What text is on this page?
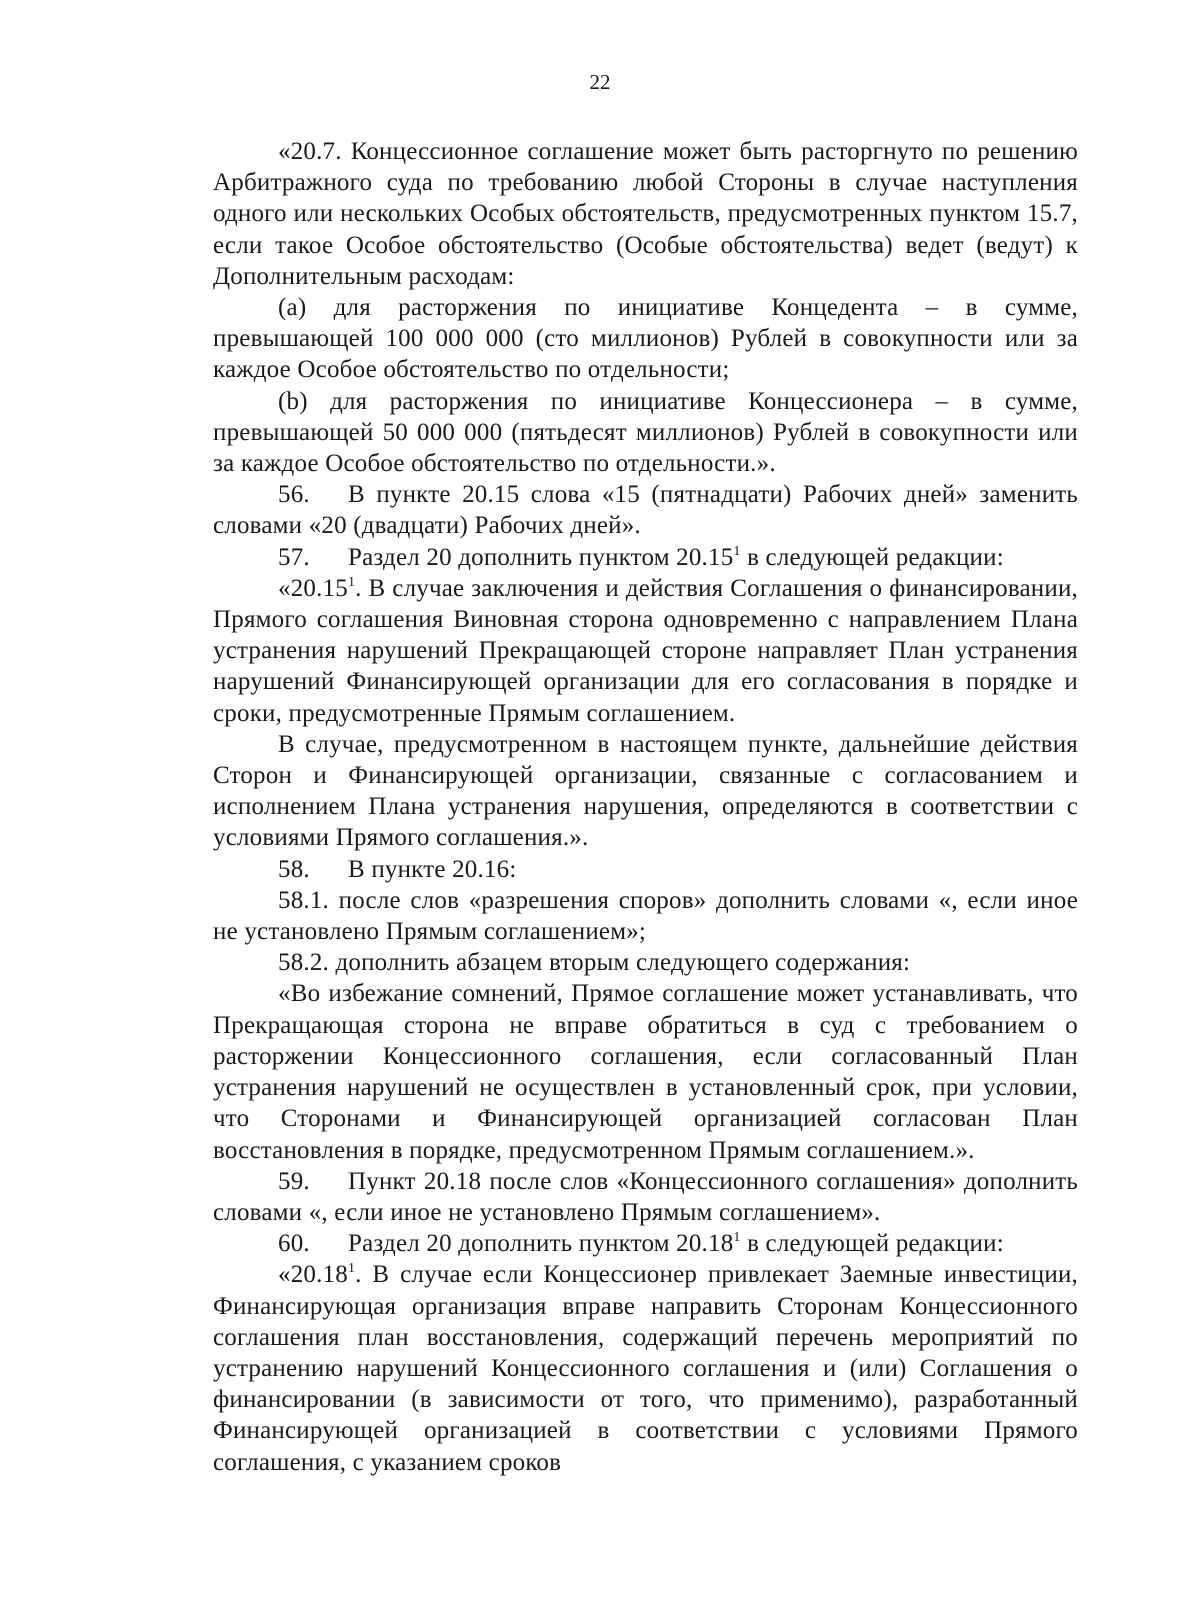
22

«20.7. Концессионное соглашение может быть расторгнуто по решению Арбитражного суда по требованию любой Стороны в случае наступления одного или нескольких Особых обстоятельств, предусмотренных пунктом 15.7, если такое Особое обстоятельство (Особые обстоятельства) ведет (ведут) к Дополнительным расходам:

(a) для расторжения по инициативе Концедента – в сумме, превышающей 100 000 000 (сто миллионов) Рублей в совокупности или за каждое Особое обстоятельство по отдельности;

(b) для расторжения по инициативе Концессионера – в сумме, превышающей 50 000 000 (пятьдесят миллионов) Рублей в совокупности или за каждое Особое обстоятельство по отдельности.».

56. В пункте 20.15 слова «15 (пятнадцати) Рабочих дней» заменить словами «20 (двадцати) Рабочих дней».

57. Раздел 20 дополнить пунктом 20.15$^1$ в следующей редакции:

«20.15$^1$. В случае заключения и действия Соглашения о финансировании, Прямого соглашения Виновная сторона одновременно с направлением Плана устранения нарушений Прекращающей стороне направляет План устранения нарушений Финансирующей организации для его согласования в порядке и сроки, предусмотренные Прямым соглашением.

В случае, предусмотренном в настоящем пункте, дальнейшие действия Сторон и Финансирующей организации, связанные с согласованием и исполнением Плана устранения нарушения, определяются в соответствии с условиями Прямого соглашения.».

58. В пункте 20.16:

58.1. после слов «разрешения споров» дополнить словами «, если иное не установлено Прямым соглашением»;

58.2. дополнить абзацем вторым следующего содержания:

«Во избежание сомнений, Прямое соглашение может устанавливать, что Прекращающая сторона не вправе обратиться в суд с требованием о расторжении Концессионного соглашения, если согласованный План устранения нарушений не осуществлен в установленный срок, при условии, что Сторонами и Финансирующей организацией согласован План восстановления в порядке, предусмотренном Прямым соглашением.».

59. Пункт 20.18 после слов «Концессионного соглашения» дополнить словами «, если иное не установлено Прямым соглашением».

60. Раздел 20 дополнить пунктом 20.18$^1$ в следующей редакции:

«20.18$^1$. В случае если Концессионер привлекает Заемные инвестиции, Финансирующая организация вправе направить Сторонам Концессионного соглашения план восстановления, содержащий перечень мероприятий по устранению нарушений Концессионного соглашения и (или) Соглашения о финансировании (в зависимости от того, что применимо), разработанный Финансирующей организацией в соответствии с условиями Прямого соглашения, с указанием сроков
